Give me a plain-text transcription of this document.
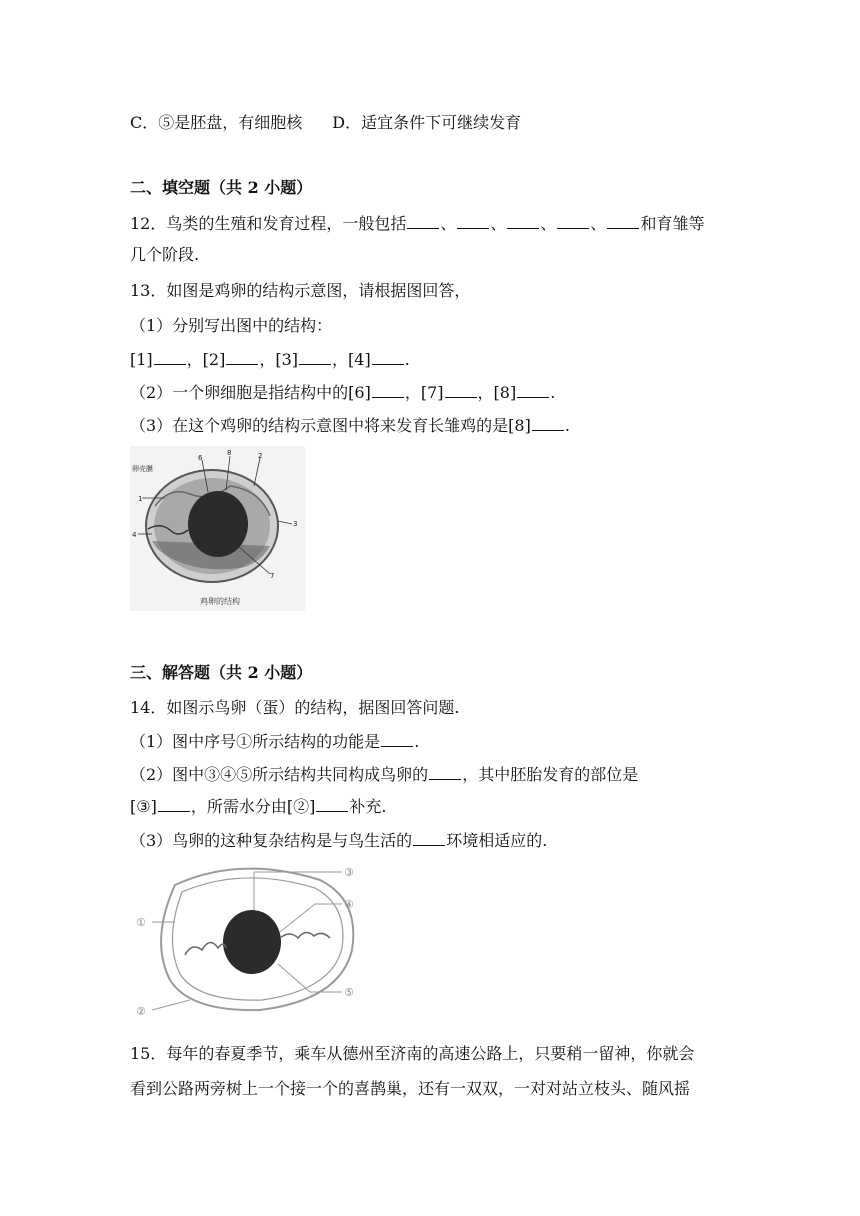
C．⑤是胚盘，有细胞核 D．适宜条件下可继续发育
二、填空题（共 2 小题）
12．鸟类的生殖和发育过程，一般包括 、 、 、 、 和育雏等
几个阶段.
13．如图是鸡卵的结构示意图，请根据图回答，
（1）分别写出图中的结构：
[1] ，[2] ，[3] ，[4] .
（2）一个卵细胞是指结构中的[6] ，[7] ，[8] .
（3）在这个鸡卵的结构示意图中将来发育长雏鸡的是[8] .
卵壳膜
1
2
3
4
6
7
8
鸡卵的结构
三、解答题（共 2 小题）
14．如图示鸟卵（蛋）的结构，据图回答问题.
（1）图中序号①所示结构的功能是 .
（2）图中③④⑤所示结构共同构成鸟卵的 ，其中胚胎发育的部位是
[③] ，所需水分由[②] 补充.
（3）鸟卵的这种复杂结构是与鸟生活的 环境相适应的.
①
②
③
④
⑤
15．每年的春夏季节，乘车从德州至济南的高速公路上，只要稍一留神，你就会
看到公路两旁树上一个接一个的喜鹊巢，还有一双双，一对对站立枝头、随风摇
